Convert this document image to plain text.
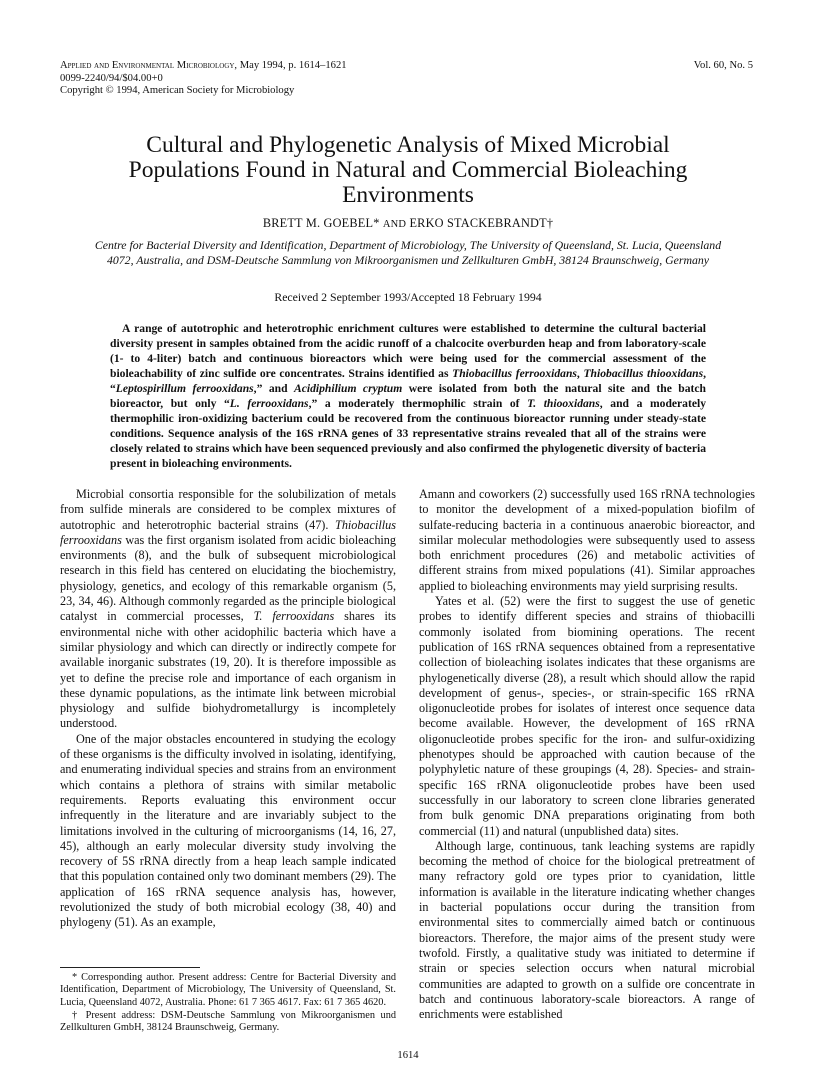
Applied and Environmental Microbiology, May 1994, p. 1614–1621
0099-2240/94/$04.00+0
Copyright © 1994, American Society for Microbiology
Vol. 60, No. 5
Cultural and Phylogenetic Analysis of Mixed Microbial Populations Found in Natural and Commercial Bioleaching Environments
BRETT M. GOEBEL* AND ERKO STACKEBRANDT†
Centre for Bacterial Diversity and Identification, Department of Microbiology, The University of Queensland, St. Lucia, Queensland 4072, Australia, and DSM-Deutsche Sammlung von Mikroorganismen und Zellkulturen GmbH, 38124 Braunschweig, Germany
Received 2 September 1993/Accepted 18 February 1994
A range of autotrophic and heterotrophic enrichment cultures were established to determine the cultural bacterial diversity present in samples obtained from the acidic runoff of a chalcocite overburden heap and from laboratory-scale (1- to 4-liter) batch and continuous bioreactors which were being used for the commercial assessment of the bioleachability of zinc sulfide ore concentrates. Strains identified as Thiobacillus ferrooxidans, Thiobacillus thiooxidans, “Leptospirillum ferrooxidans,” and Acidiphilium cryptum were isolated from both the natural site and the batch bioreactor, but only “L. ferrooxidans,” a moderately thermophilic strain of T. thiooxidans, and a moderately thermophilic iron-oxidizing bacterium could be recovered from the continuous bioreactor running under steady-state conditions. Sequence analysis of the 16S rRNA genes of 33 representative strains revealed that all of the strains were closely related to strains which have been sequenced previously and also confirmed the phylogenetic diversity of bacteria present in bioleaching environments.

Microbial consortia responsible for the solubilization of metals from sulfide minerals are considered to be complex mixtures of autotrophic and heterotrophic bacterial strains (47). Thiobacillus ferrooxidans was the first organism isolated from acidic bioleaching environments (8), and the bulk of subsequent microbiological research in this field has centered on elucidating the biochemistry, physiology, genetics, and ecology of this remarkable organism (5, 23, 34, 46). Although commonly regarded as the principle biological catalyst in commercial processes, T. ferrooxidans shares its environmental niche with other acidophilic bacteria which have a similar physiology and which can directly or indirectly compete for available inorganic substrates (19, 20). It is therefore impossible as yet to define the precise role and importance of each organism in these dynamic populations, as the intimate link between microbial physiology and sulfide biohydrometallurgy is incompletely understood.

One of the major obstacles encountered in studying the ecology of these organisms is the difficulty involved in isolating, identifying, and enumerating individual species and strains from an environment which contains a plethora of strains with similar metabolic requirements. Reports evaluating this environment occur infrequently in the literature and are invariably subject to the limitations involved in the culturing of microorganisms (14, 16, 27, 45), although an early molecular diversity study involving the recovery of 5S rRNA directly from a heap leach sample indicated that this population contained only two dominant members (29). The application of 16S rRNA sequence analysis has, however, revolutionized the study of both microbial ecology (38, 40) and phylogeny (51). As an example,

* Corresponding author. Present address: Centre for Bacterial Diversity and Identification, Department of Microbiology, The University of Queensland, St. Lucia, Queensland 4072, Australia. Phone: 61 7 365 4617. Fax: 61 7 365 4620.

† Present address: DSM-Deutsche Sammlung von Mikroorganismen und Zellkulturen GmbH, 38124 Braunschweig, Germany.

Amann and coworkers (2) successfully used 16S rRNA technologies to monitor the development of a mixed-population biofilm of sulfate-reducing bacteria in a continuous anaerobic bioreactor, and similar molecular methodologies were subsequently used to assess both enrichment procedures (26) and metabolic activities of different strains from mixed populations (41). Similar approaches applied to bioleaching environments may yield surprising results.

Yates et al. (52) were the first to suggest the use of genetic probes to identify different species and strains of thiobacilli commonly isolated from biomining operations. The recent publication of 16S rRNA sequences obtained from a representative collection of bioleaching isolates indicates that these organisms are phylogenetically diverse (28), a result which should allow the rapid development of genus-, species-, or strain-specific 16S rRNA oligonucleotide probes for isolates of interest once sequence data become available. However, the development of 16S rRNA oligonucleotide probes specific for the iron- and sulfur-oxidizing phenotypes should be approached with caution because of the polyphyletic nature of these groupings (4, 28). Species- and strain-specific 16S rRNA oligonucleotide probes have been used successfully in our laboratory to screen clone libraries generated from bulk genomic DNA preparations originating from both commercial (11) and natural (unpublished data) sites.

Although large, continuous, tank leaching systems are rapidly becoming the method of choice for the biological pretreatment of many refractory gold ore types prior to cyanidation, little information is available in the literature indicating whether changes in bacterial populations occur during the transition from environmental sites to commercially aimed batch or continuous bioreactors. Therefore, the major aims of the present study were twofold. Firstly, a qualitative study was initiated to determine if strain or species selection occurs when natural microbial communities are adapted to growth on a sulfide ore concentrate in batch and continuous laboratory-scale bioreactors. A range of enrichments were established

1614
